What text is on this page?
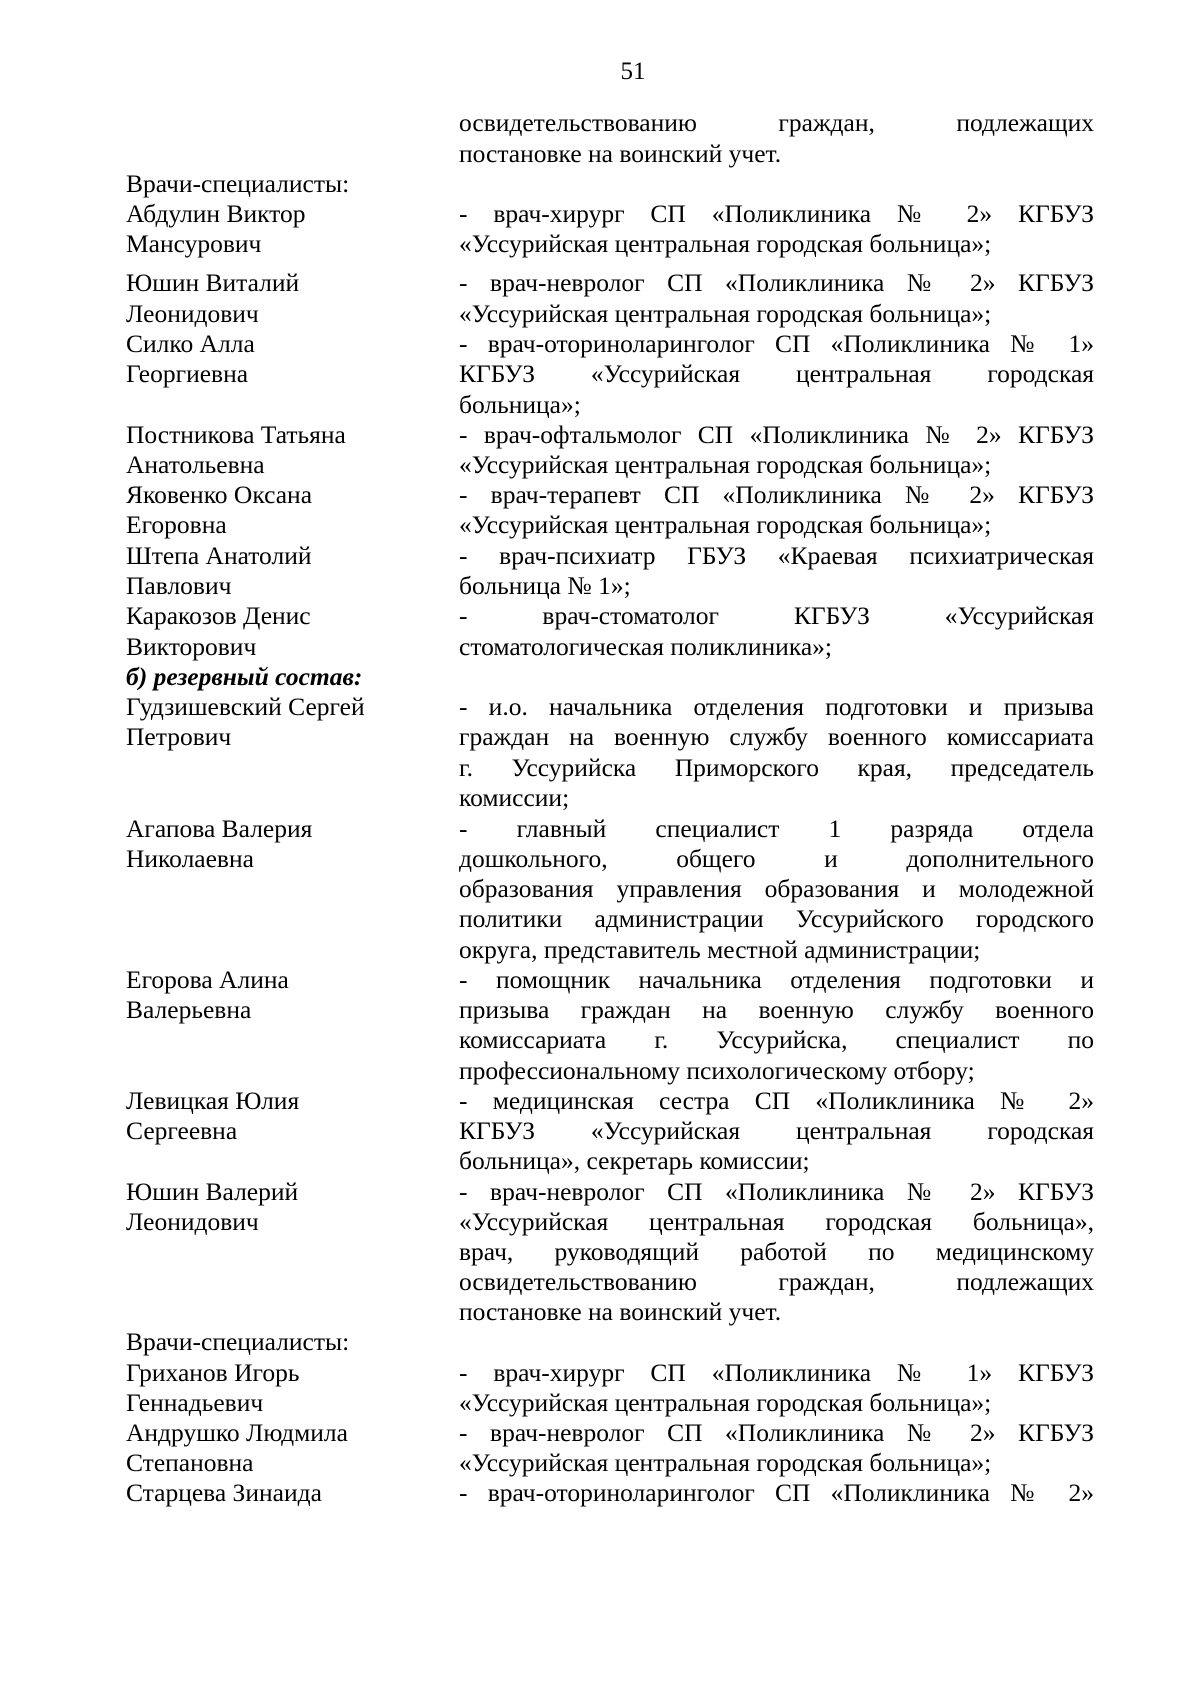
51
освидетельствованию граждан, подлежащих
постановке на воинский учет.
Врачи-специалисты:
Абдулин Виктор	- врач-хирург СП «Поликлиника № 2» КГБУЗ
Мансурович	«Уссурийская центральная городская больница»;
Юшин Виталий	- врач-невролог СП «Поликлиника № 2» КГБУЗ
Леонидович	«Уссурийская центральная городская больница»;
Силко Алла	- врач-оториноларинголог СП «Поликлиника № 1»
Георгиевна	КГБУЗ «Уссурийская центральная городская
больница»;
Постникова Татьяна	- врач-офтальмолог СП «Поликлиника № 2» КГБУЗ
Анатольевна	«Уссурийская центральная городская больница»;
Яковенко Оксана	- врач-терапевт СП «Поликлиника № 2» КГБУЗ
Егоровна	«Уссурийская центральная городская больница»;
Штепа Анатолий	- врач-психиатр ГБУЗ «Краевая психиатрическая
Павлович	больница № 1»;
Каракозов Денис	- врач-стоматолог КГБУЗ «Уссурийская
Викторович	стоматологическая поликлиника»;
б) резервный состав:
Гудзишевский Сергей	- и.о. начальника отделения подготовки и призыва
Петрович	граждан на военную службу военного комиссариата
г. Уссурийска Приморского края, председатель
комиссии;
Агапова Валерия	- главный специалист 1 разряда отдела
Николаевна	дошкольного, общего и дополнительного
образования управления образования и молодежной
политики администрации Уссурийского городского
округа, представитель местной администрации;
Егорова Алина	- помощник начальника отделения подготовки и
Валерьевна	призыва граждан на военную службу военного
комиссариата г. Уссурийска, специалист по
профессиональному психологическому отбору;
Левицкая Юлия	- медицинская сестра СП «Поликлиника № 2»
Сергеевна	КГБУЗ «Уссурийская центральная городская
больница», секретарь комиссии;
Юшин Валерий	- врач-невролог СП «Поликлиника № 2» КГБУЗ
Леонидович	«Уссурийская центральная городская больница»,
врач, руководящий работой по медицинскому
освидетельствованию граждан, подлежащих
постановке на воинский учет.
Врачи-специалисты:
Гриханов Игорь	- врач-хирург СП «Поликлиника № 1» КГБУЗ
Геннадьевич	«Уссурийская центральная городская больница»;
Андрушко Людмила	- врач-невролог СП «Поликлиника № 2» КГБУЗ
Степановна	«Уссурийская центральная городская больница»;
Старцева Зинаида	- врач-оториноларинголог СП «Поликлиника № 2»
